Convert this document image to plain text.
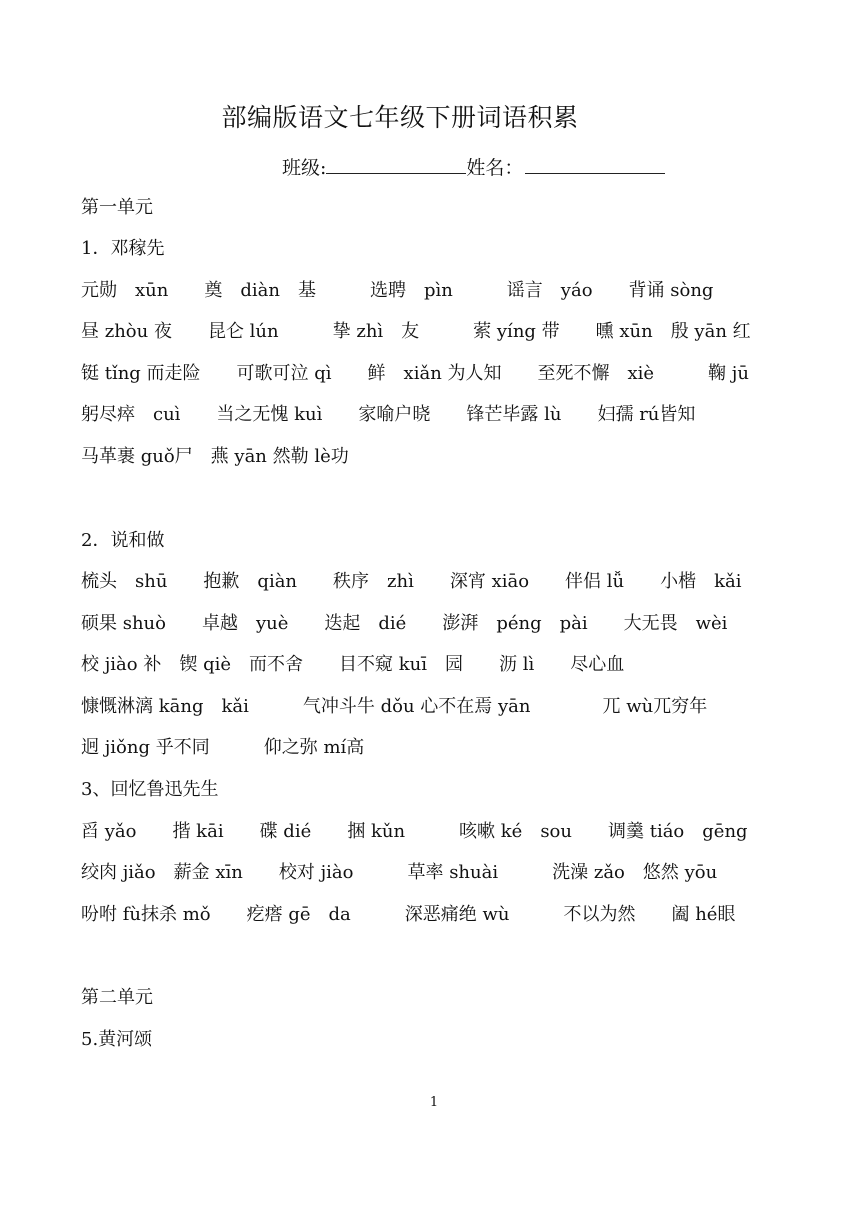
部编版语文七年级下册词语积累
班级:	姓名：
第一单元
1．邓稼先
元勋　xūn　　奠　diàn　基　　　选聘　pìn　　　谣言　yáo　　背诵 sòng
昼 zhòu 夜　　昆仑 lún　　　挚 zhì　友　　　萦 yíng 带　　曛 xūn　殷 yān 红
铤 tǐng 而走险　　可歌可泣 qì　　鲜　xiǎn 为人知　　至死不懈　xiè　　　鞠 jū
躬尽瘁　cuì　　当之无愧 kuì　　家喻户晓　　锋芒毕露 lù　　妇孺 rú皆知
马革裹 guǒ尸　燕 yān 然勒 lè功
2．说和做
梳头　shū　　抱歉　qiàn　　秩序　zhì　　深宵 xiāo　　伴侣 lǚ　　小楷　kǎi
硕果 shuò　　卓越　yuè　　迭起　dié　　澎湃　péng　pài　　大无畏　wèi
校 jiào 补　锲 qiè　而不舍　　目不窥 kuī　园　　沥 lì　　尽心血
慷慨淋漓 kāng　kǎi　　　气冲斗牛 dǒu 心不在焉 yān　　　　兀 wù兀穷年
迥 jiǒng 乎不同　　　仰之弥 mí高
3、回忆鲁迅先生
舀 yǎo　　揩 kāi　　碟 dié　　捆 kǔn　　　咳嗽 ké　sou　　调羹 tiáo　gēng
绞肉 jiǎo　薪金 xīn　　校对 jiào　　　草率 shuài　　　洗澡 zǎo　悠然 yōu
吩咐 fù抹杀 mǒ　　疙瘩 gē　da　　　深恶痛绝 wù　　　不以为然　　阖 hé眼
第二单元
5.黄河颂
1
